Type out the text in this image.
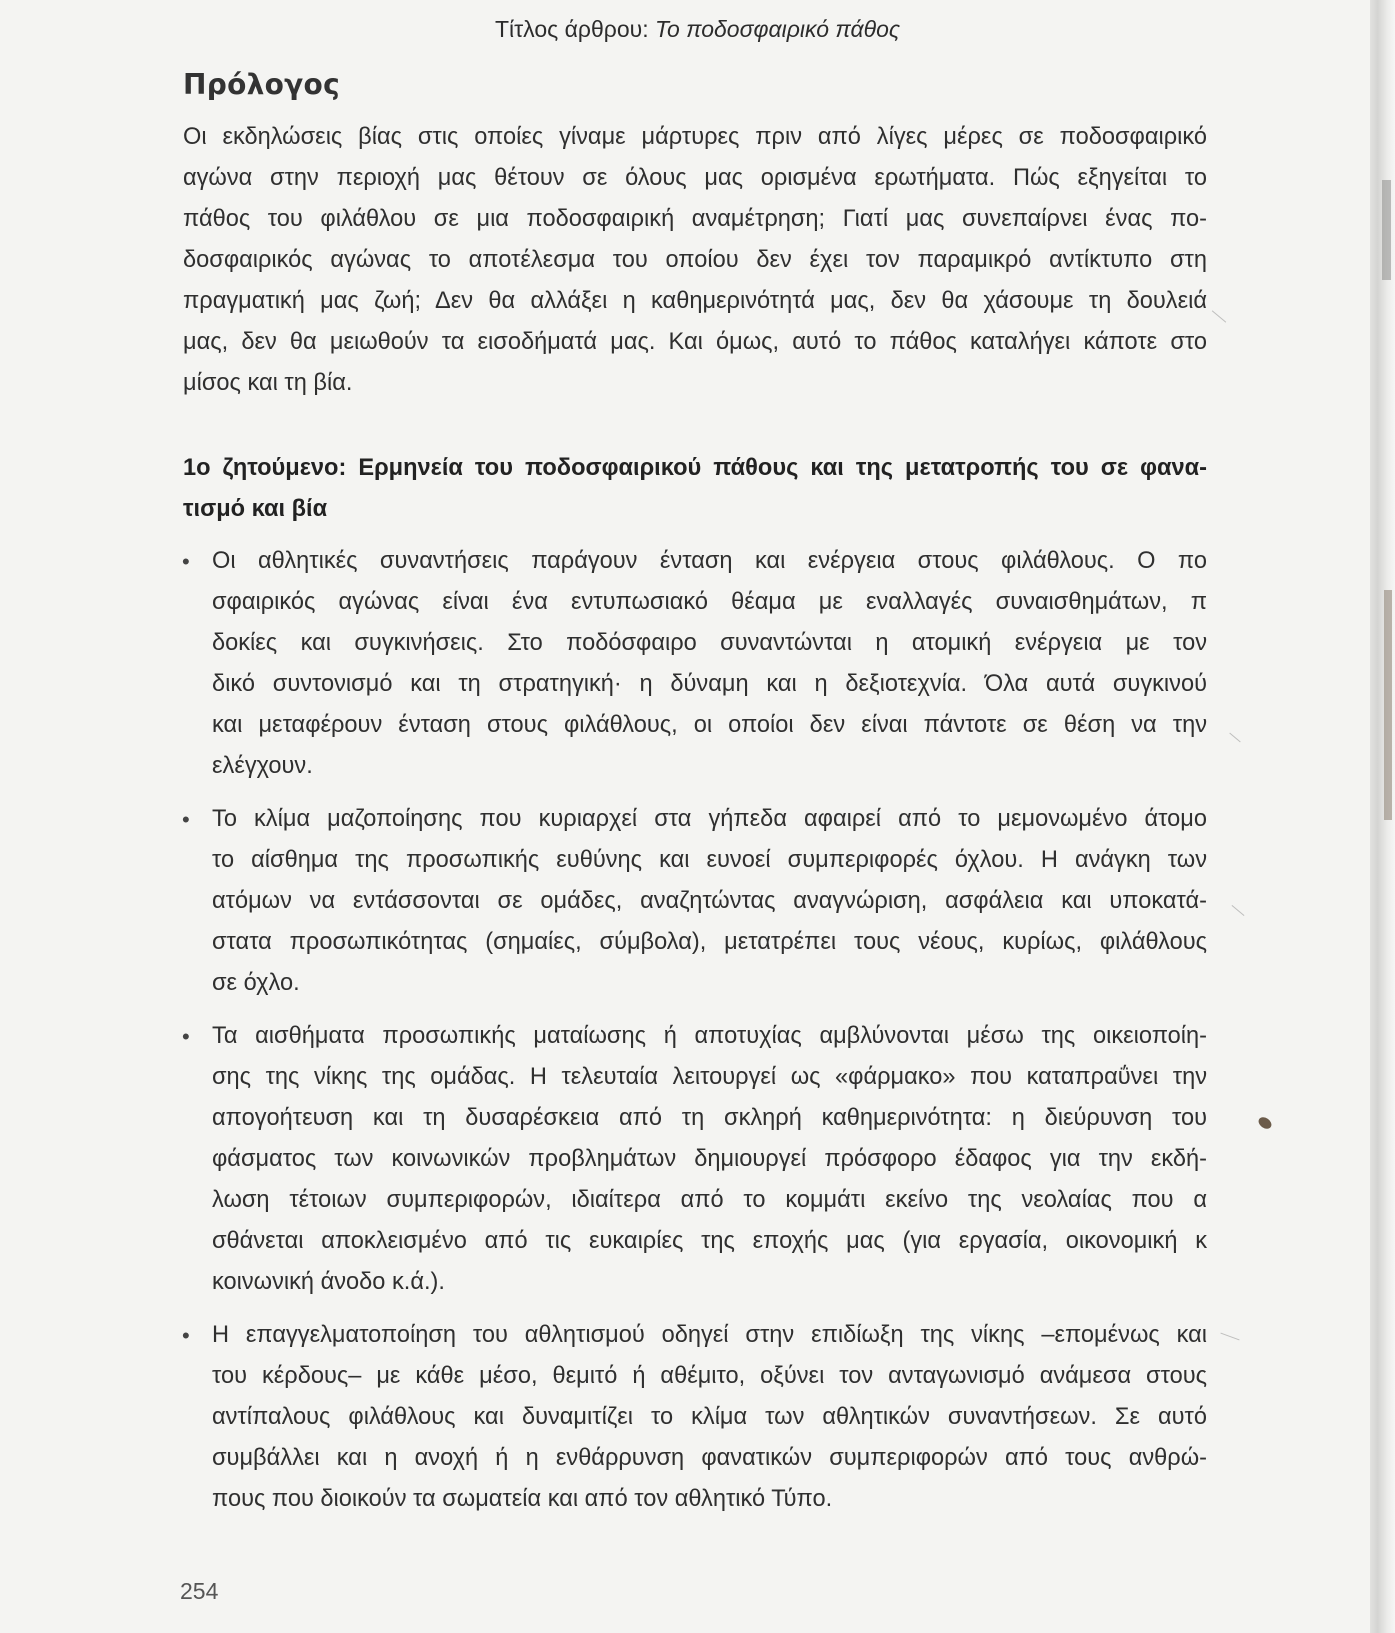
Τίτλος άρθρου: Το ποδοσφαιρικό πάθος
Πρόλογος
Οι εκδηλώσεις βίας στις οποίες γίναμε μάρτυρες πριν από λίγες μέρες σε ποδοσφαιρικό
αγώνα στην περιοχή μας θέτουν σε όλους μας ορισμένα ερωτήματα. Πώς εξηγείται το
πάθος του φιλάθλου σε μια ποδοσφαιρική αναμέτρηση; Γιατί μας συνεπαίρνει ένας πο-
δοσφαιρικός αγώνας το αποτέλεσμα του οποίου δεν έχει τον παραμικρό αντίκτυπο στη
πραγματική μας ζωή; Δεν θα αλλάξει η καθημερινότητά μας, δεν θα χάσουμε τη δουλειά
μας, δεν θα μειωθούν τα εισοδήματά μας. Και όμως, αυτό το πάθος καταλήγει κάποτε στο
μίσος και τη βία.
1ο ζητούμενο: Ερμηνεία του ποδοσφαιρικού πάθους και της μετατροπής του σε φανα-
τισμό και βία
• Οι αθλητικές συναντήσεις παράγουν ένταση και ενέργεια στους φιλάθλους. Ο πο
σφαιρικός αγώνας είναι ένα εντυπωσιακό θέαμα με εναλλαγές συναισθημάτων, π
δοκίες και συγκινήσεις. Στο ποδόσφαιρο συναντώνται η ατομική ενέργεια με τον
δικό συντονισμό και τη στρατηγική· η δύναμη και η δεξιοτεχνία. Όλα αυτά συγκινού
και μεταφέρουν ένταση στους φιλάθλους, οι οποίοι δεν είναι πάντοτε σε θέση να την
ελέγχουν.
• Το κλίμα μαζοποίησης που κυριαρχεί στα γήπεδα αφαιρεί από το μεμονωμένο άτομο
το αίσθημα της προσωπικής ευθύνης και ευνοεί συμπεριφορές όχλου. Η ανάγκη των
ατόμων να εντάσσονται σε ομάδες, αναζητώντας αναγνώριση, ασφάλεια και υποκατά-
στατα προσωπικότητας (σημαίες, σύμβολα), μετατρέπει τους νέους, κυρίως, φιλάθλους
σε όχλο.
• Τα αισθήματα προσωπικής ματαίωσης ή αποτυχίας αμβλύνονται μέσω της οικειοποίη-
σης της νίκης της ομάδας. Η τελευταία λειτουργεί ως «φάρμακο» που καταπραΰνει την
απογοήτευση και τη δυσαρέσκεια από τη σκληρή καθημερινότητα: η διεύρυνση του
φάσματος των κοινωνικών προβλημάτων δημιουργεί πρόσφορο έδαφος για την εκδή-
λωση τέτοιων συμπεριφορών, ιδιαίτερα από το κομμάτι εκείνο της νεολαίας που α
σθάνεται αποκλεισμένο από τις ευκαιρίες της εποχής μας (για εργασία, οικονομική κ
κοινωνική άνοδο κ.ά.).
• Η επαγγελματοποίηση του αθλητισμού οδηγεί στην επιδίωξη της νίκης –επομένως και
του κέρδους– με κάθε μέσο, θεμιτό ή αθέμιτο, οξύνει τον ανταγωνισμό ανάμεσα στους
αντίπαλους φιλάθλους και δυναμιτίζει το κλίμα των αθλητικών συναντήσεων. Σε αυτό
συμβάλλει και η ανοχή ή η ενθάρρυνση φανατικών συμπεριφορών από τους ανθρώ-
πους που διοικούν τα σωματεία και από τον αθλητικό Τύπο.
254
